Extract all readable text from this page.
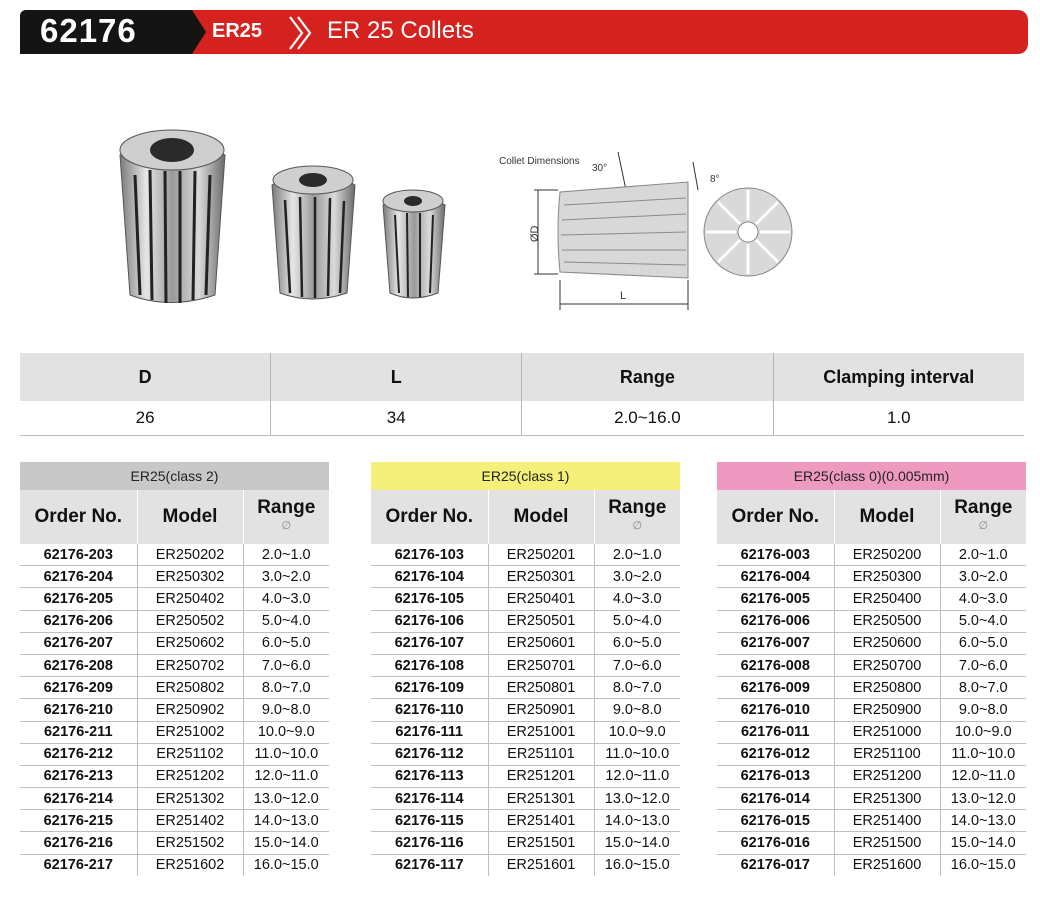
62176	ER25	ER 25 Collets
Collet Dimensions
30°
8°
ØD
L
D	L	Range	Clamping interval
26	34	2.0~16.0	1.0
ER25(class 2)		
Order No.	Model	Range
∅

62176-203	ER250202	2.0~1.0
62176-204	ER250302	3.0~2.0
62176-205	ER250402	4.0~3.0
62176-206	ER250502	5.0~4.0
62176-207	ER250602	6.0~5.0
62176-208	ER250702	7.0~6.0
62176-209	ER250802	8.0~7.0
62176-210	ER250902	9.0~8.0
62176-211	ER251002	10.0~9.0
62176-212	ER251102	11.0~10.0
62176-213	ER251202	12.0~11.0
62176-214	ER251302	13.0~12.0
62176-215	ER251402	14.0~13.0
62176-216	ER251502	15.0~14.0
62176-217	ER251602	16.0~15.0
ER25(class 1)		
Order No.	Model	Range
∅

62176-103	ER250201	2.0~1.0
62176-104	ER250301	3.0~2.0
62176-105	ER250401	4.0~3.0
62176-106	ER250501	5.0~4.0
62176-107	ER250601	6.0~5.0
62176-108	ER250701	7.0~6.0
62176-109	ER250801	8.0~7.0
62176-110	ER250901	9.0~8.0
62176-111	ER251001	10.0~9.0
62176-112	ER251101	11.0~10.0
62176-113	ER251201	12.0~11.0
62176-114	ER251301	13.0~12.0
62176-115	ER251401	14.0~13.0
62176-116	ER251501	15.0~14.0
62176-117	ER251601	16.0~15.0
ER25(class 0)(0.005mm)		
Order No.	Model	Range
∅

62176-003	ER250200	2.0~1.0
62176-004	ER250300	3.0~2.0
62176-005	ER250400	4.0~3.0
62176-006	ER250500	5.0~4.0
62176-007	ER250600	6.0~5.0
62176-008	ER250700	7.0~6.0
62176-009	ER250800	8.0~7.0
62176-010	ER250900	9.0~8.0
62176-011	ER251000	10.0~9.0
62176-012	ER251100	11.0~10.0
62176-013	ER251200	12.0~11.0
62176-014	ER251300	13.0~12.0
62176-015	ER251400	14.0~13.0
62176-016	ER251500	15.0~14.0
62176-017	ER251600	16.0~15.0
